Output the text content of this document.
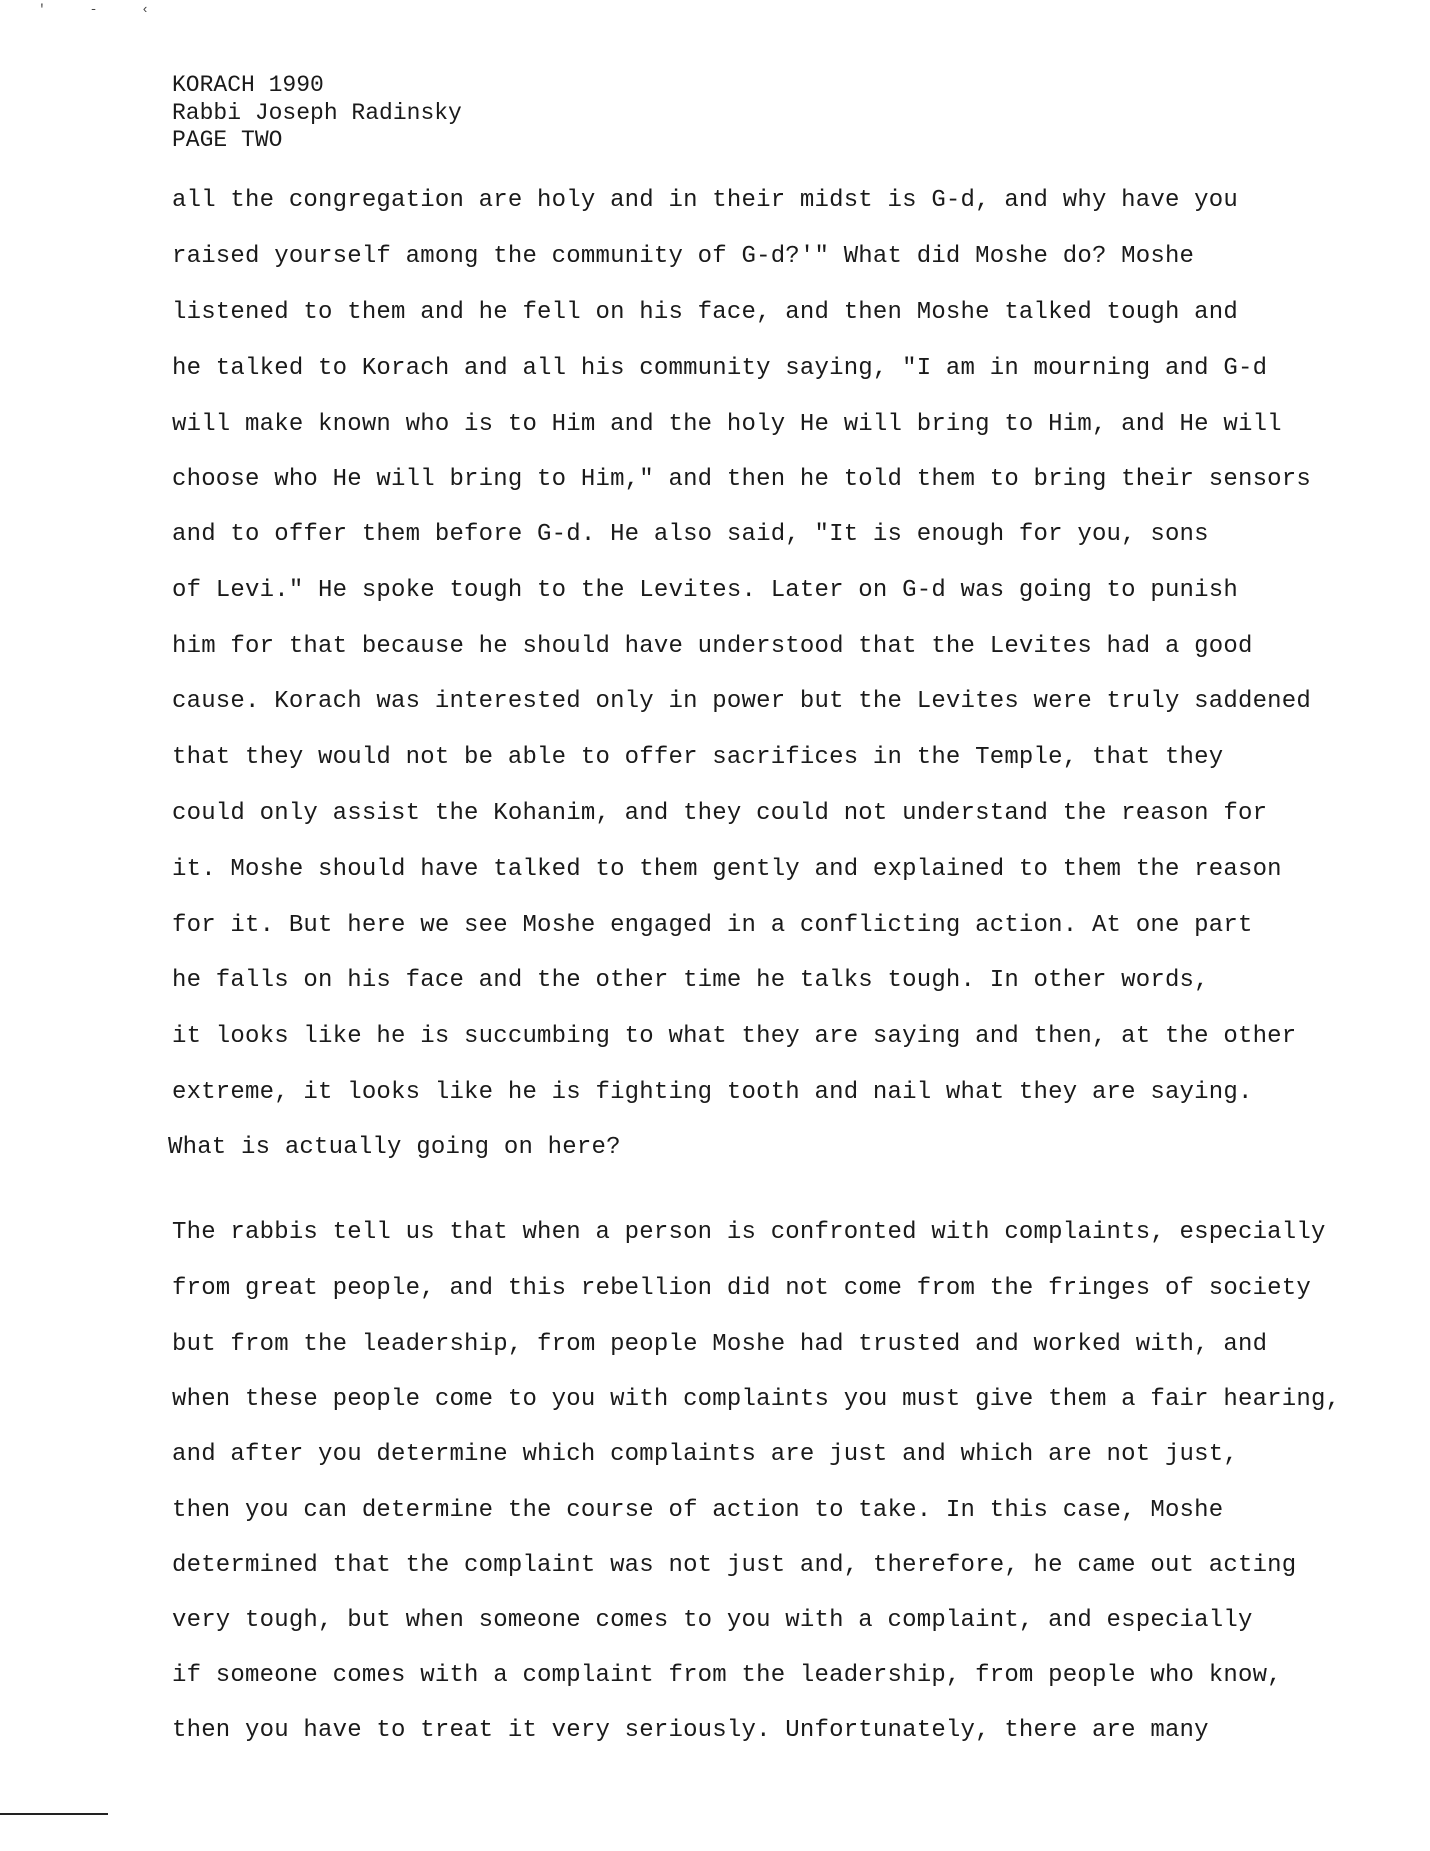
' - ‹
KORACH 1990
Rabbi Joseph Radinsky
PAGE TWO
all the congregation are holy and in their midst is G-d, and why have you
raised yourself among the community of G-d?'" What did Moshe do? Moshe
listened to them and he fell on his face, and then Moshe talked tough and
he talked to Korach and all his community saying, "I am in mourning and G-d
will make known who is to Him and the holy He will bring to Him, and He will
choose who He will bring to Him," and then he told them to bring their sensors
and to offer them before G-d. He also said, "It is enough for you, sons
of Levi." He spoke tough to the Levites. Later on G-d was going to punish
him for that because he should have understood that the Levites had a good
cause. Korach was interested only in power but the Levites were truly saddened
that they would not be able to offer sacrifices in the Temple, that they
could only assist the Kohanim, and they could not understand the reason for
it. Moshe should have talked to them gently and explained to them the reason
for it. But here we see Moshe engaged in a conflicting action. At one part
he falls on his face and the other time he talks tough. In other words,
it looks like he is succumbing to what they are saying and then, at the other
extreme, it looks like he is fighting tooth and nail what they are saying.
What is actually going on here?
The rabbis tell us that when a person is confronted with complaints, especially
from great people, and this rebellion did not come from the fringes of society
but from the leadership, from people Moshe had trusted and worked with, and
when these people come to you with complaints you must give them a fair hearing,
and after you determine which complaints are just and which are not just,
then you can determine the course of action to take. In this case, Moshe
determined that the complaint was not just and, therefore, he came out acting
very tough, but when someone comes to you with a complaint, and especially
if someone comes with a complaint from the leadership, from people who know,
then you have to treat it very seriously. Unfortunately, there are many
